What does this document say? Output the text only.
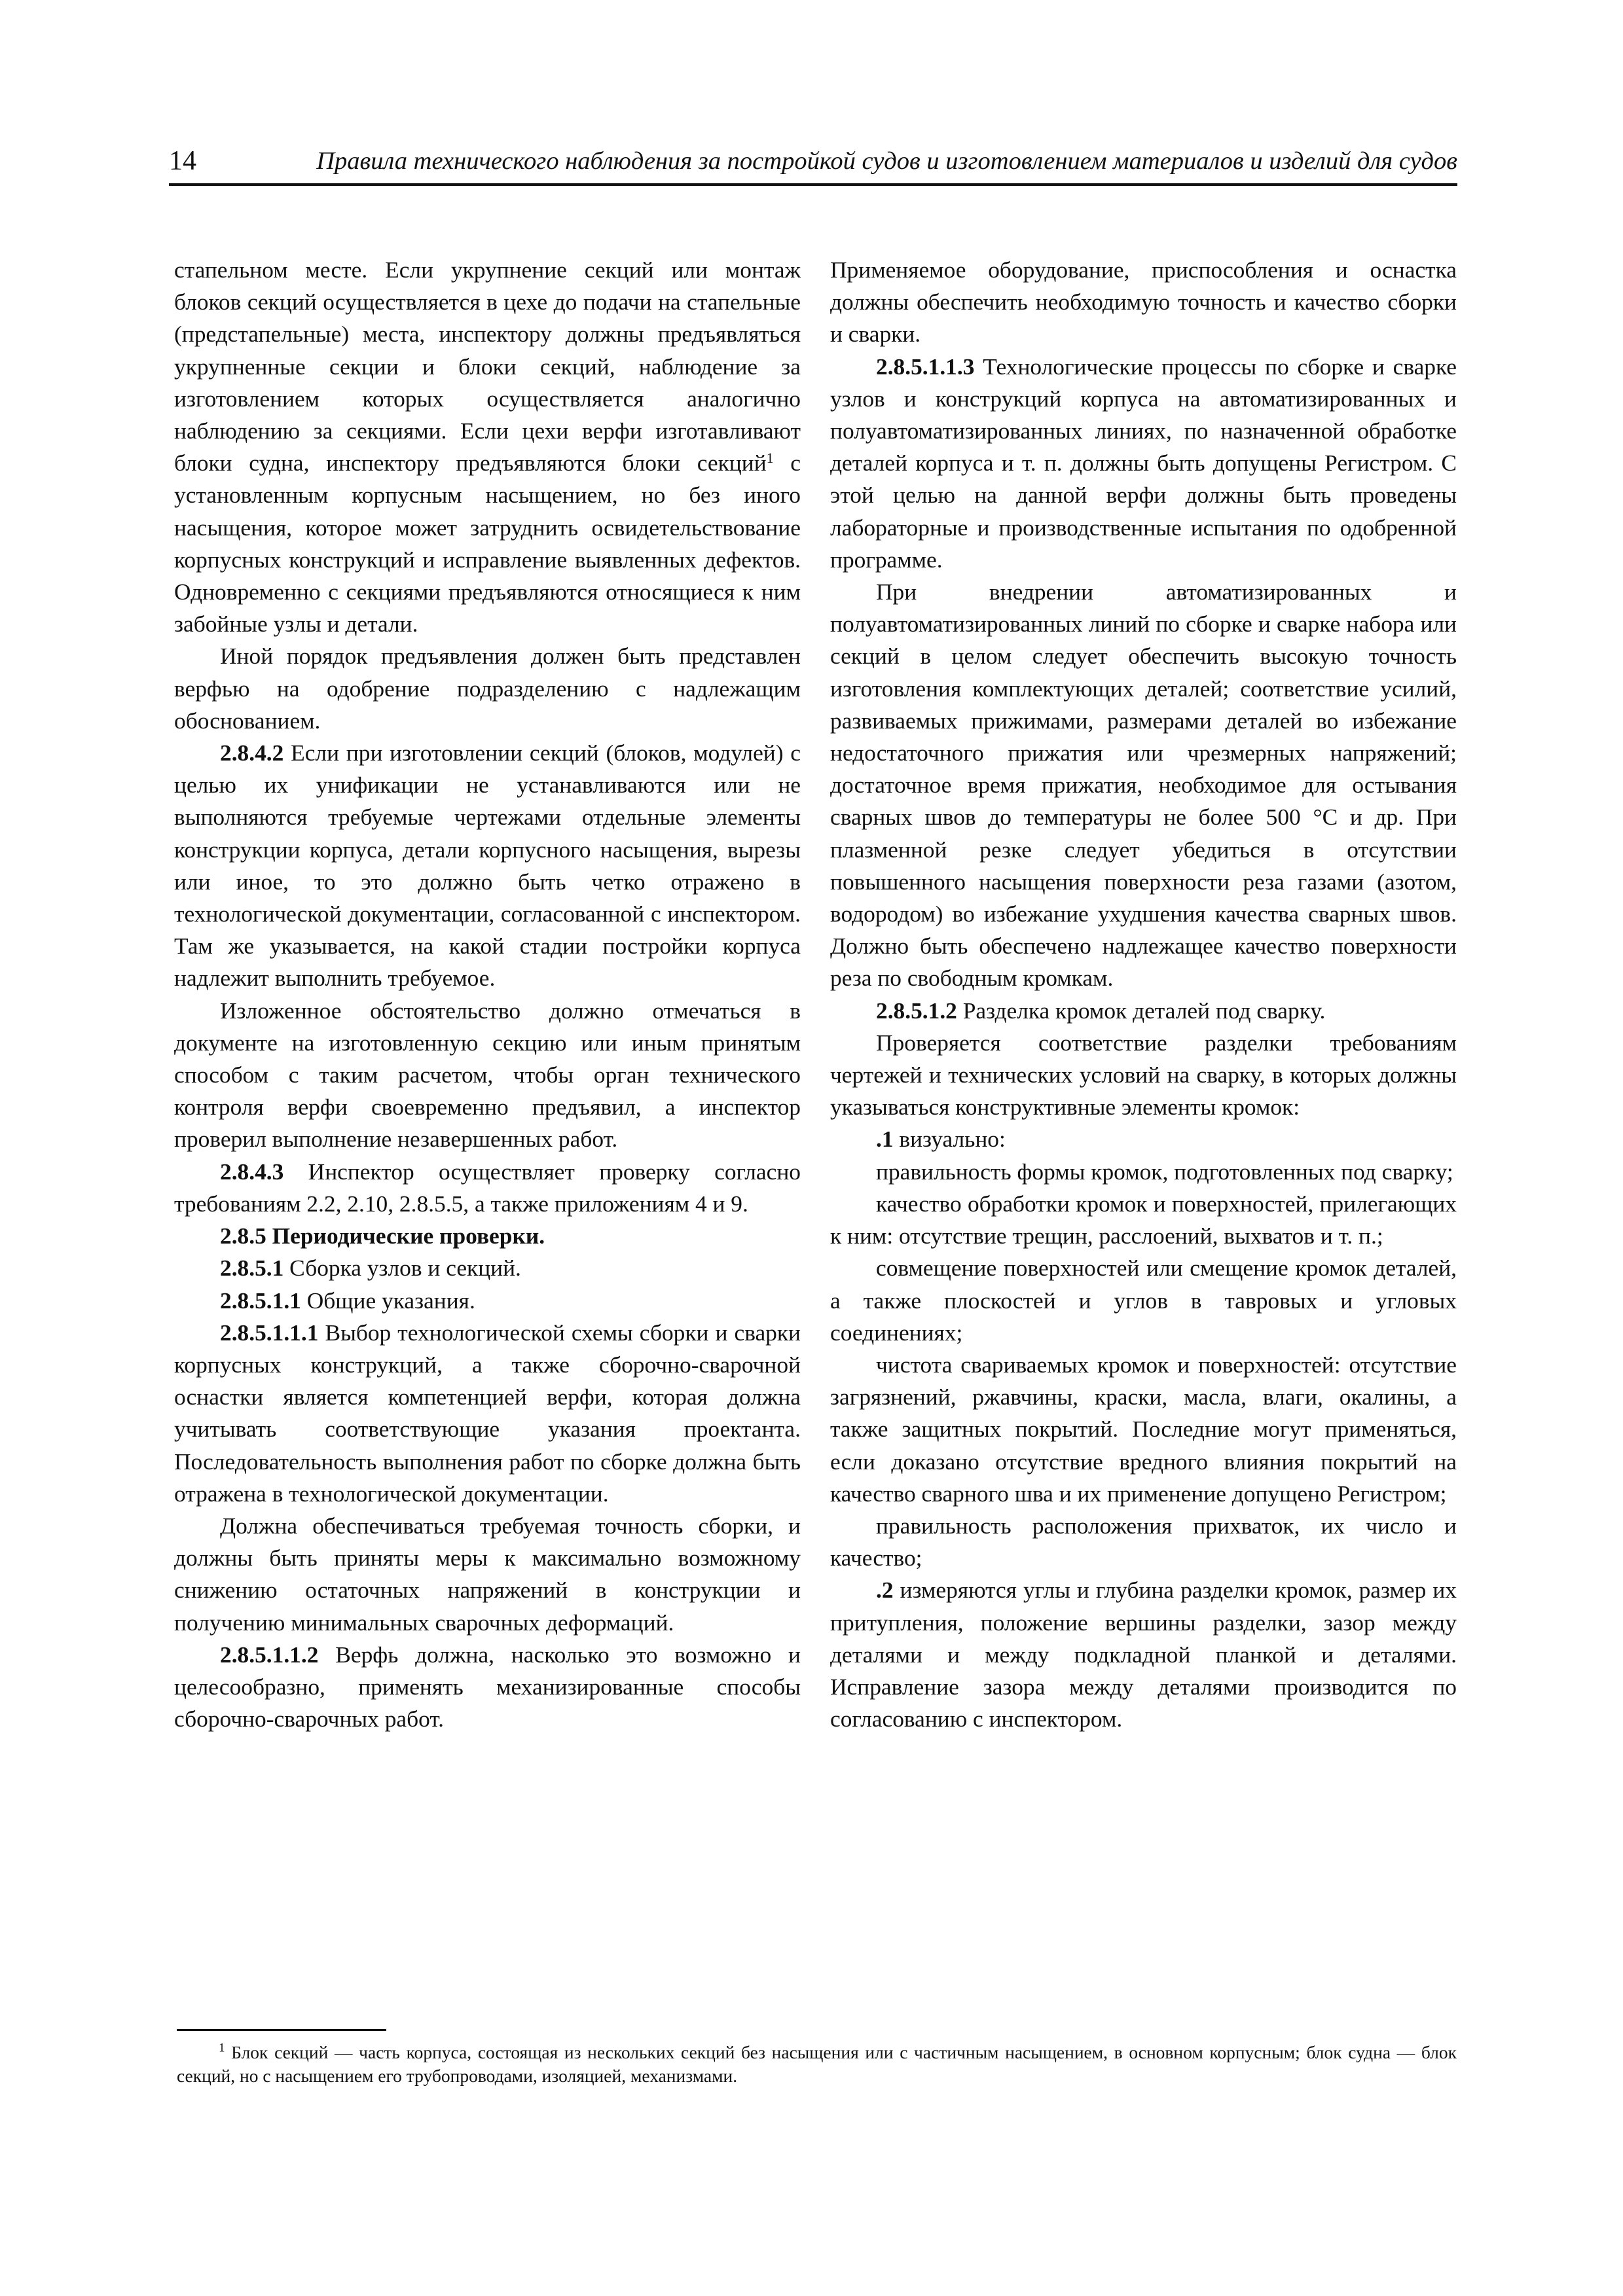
14	Правила технического наблюдения за постройкой судов и изготовлением материалов и изделий для судов

стапельном месте. Если укрупнение секций или монтаж блоков секций осуществляется в цехе до подачи на стапельные (предстапельные) места, инспектору должны предъявляться укрупненные секции и блоки секций, наблюдение за изготовлением которых осуществляется аналогично наблюдению за секциями. Если цехи верфи изготавливают блоки судна, инспектору предъявляются блоки секций$^1$ с установленным корпусным насыщением, но без иного насыщения, которое может затруднить освидетельствование корпусных конструкций и исправление выявленных дефектов. Одновременно с секциями предъявляются относящиеся к ним забойные узлы и детали.

Иной порядок предъявления должен быть представлен верфью на одобрение подразделению с надлежащим обоснованием.

2.8.4.2 Если при изготовлении секций (блоков, модулей) с целью их унификации не устанавливаются или не выполняются требуемые чертежами отдельные элементы конструкции корпуса, детали корпусного насыщения, вырезы или иное, то это должно быть четко отражено в технологической документации, согласованной с инспектором. Там же указывается, на какой стадии постройки корпуса надлежит выполнить требуемое.

Изложенное обстоятельство должно отмечаться в документе на изготовленную секцию или иным принятым способом с таким расчетом, чтобы орган технического контроля верфи своевременно предъявил, а инспектор проверил выполнение незавершенных работ.

2.8.4.3 Инспектор осуществляет проверку согласно требованиям 2.2, 2.10, 2.8.5.5, а также приложениям 4 и 9.

2.8.5 Периодические проверки.

2.8.5.1 Сборка узлов и секций.

2.8.5.1.1 Общие указания.

2.8.5.1.1.1 Выбор технологической схемы сборки и сварки корпусных конструкций, а также сборочно-сварочной оснастки является компетенцией верфи, которая должна учитывать соответствующие указания проектанта. Последовательность выполнения работ по сборке должна быть отражена в технологической документации.

Должна обеспечиваться требуемая точность сборки, и должны быть приняты меры к максимально возможному снижению остаточных напряжений в конструкции и получению минимальных сварочных деформаций.

2.8.5.1.1.2 Верфь должна, насколько это возможно и целесообразно, применять механизированные способы сборочно-сварочных работ.

Применяемое оборудование, приспособления и оснастка должны обеспечить необходимую точность и качество сборки и сварки.

2.8.5.1.1.3 Технологические процессы по сборке и сварке узлов и конструкций корпуса на автоматизированных и полуавтоматизированных линиях, по назначенной обработке деталей корпуса и т. п. должны быть допущены Регистром. С этой целью на данной верфи должны быть проведены лабораторные и производственные испытания по одобренной программе.

При внедрении автоматизированных и полуавтоматизированных линий по сборке и сварке набора или секций в целом следует обеспечить высокую точность изготовления комплектующих деталей; соответствие усилий, развиваемых прижимами, размерами деталей во избежание недостаточного прижатия или чрезмерных напряжений; достаточное время прижатия, необходимое для остывания сварных швов до температуры не более 500 °С и др. При плазменной резке следует убедиться в отсутствии повышенного насыщения поверхности реза газами (азотом, водородом) во избежание ухудшения качества сварных швов. Должно быть обеспечено надлежащее качество поверхности реза по свободным кромкам.

2.8.5.1.2 Разделка кромок деталей под сварку.

Проверяется соответствие разделки требованиям чертежей и технических условий на сварку, в которых должны указываться конструктивные элементы кромок:

.1 визуально:

правильность формы кромок, подготовленных под сварку;

качество обработки кромок и поверхностей, прилегающих к ним: отсутствие трещин, расслоений, выхватов и т. п.;

совмещение поверхностей или смещение кромок деталей, а также плоскостей и углов в тавровых и угловых соединениях;

чистота свариваемых кромок и поверхностей: отсутствие загрязнений, ржавчины, краски, масла, влаги, окалины, а также защитных покрытий. Последние могут применяться, если доказано отсутствие вредного влияния покрытий на качество сварного шва и их применение допущено Регистром;

правильность расположения прихваток, их число и качество;

.2 измеряются углы и глубина разделки кромок, размер их притупления, положение вершины разделки, зазор между деталями и между подкладной планкой и деталями. Исправление зазора между деталями производится по согласованию с инспектором.

$^1$ Блок секций — часть корпуса, состоящая из нескольких секций без насыщения или с частичным насыщением, в основном корпусным; блок судна — блок секций, но с насыщением его трубопроводами, изоляцией, механизмами.
